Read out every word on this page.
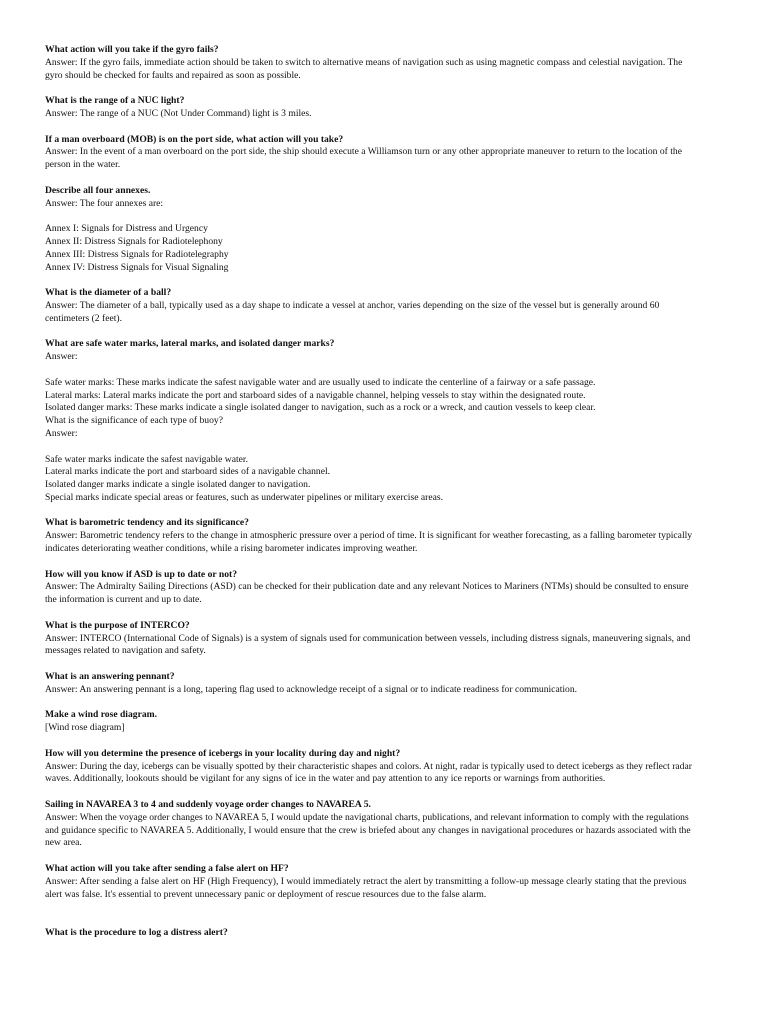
What action will you take if the gyro fails?
Answer: If the gyro fails, immediate action should be taken to switch to alternative means of navigation such as using magnetic compass and celestial navigation. The
gyro should be checked for faults and repaired as soon as possible.
What is the range of a NUC light?
Answer: The range of a NUC (Not Under Command) light is 3 miles.
If a man overboard (MOB) is on the port side, what action will you take?
Answer: In the event of a man overboard on the port side, the ship should execute a Williamson turn or any other appropriate maneuver to return to the location of the
person in the water.
Describe all four annexes.
Answer: The four annexes are:
Annex I: Signals for Distress and Urgency
Annex II: Distress Signals for Radiotelephony
Annex III: Distress Signals for Radiotelegraphy
Annex IV: Distress Signals for Visual Signaling
What is the diameter of a ball?
Answer: The diameter of a ball, typically used as a day shape to indicate a vessel at anchor, varies depending on the size of the vessel but is generally around 60
centimeters (2 feet).
What are safe water marks, lateral marks, and isolated danger marks?
Answer:
Safe water marks: These marks indicate the safest navigable water and are usually used to indicate the centerline of a fairway or a safe passage.
Lateral marks: Lateral marks indicate the port and starboard sides of a navigable channel, helping vessels to stay within the designated route.
Isolated danger marks: These marks indicate a single isolated danger to navigation, such as a rock or a wreck, and caution vessels to keep clear.
What is the significance of each type of buoy?
Answer:
Safe water marks indicate the safest navigable water.
Lateral marks indicate the port and starboard sides of a navigable channel.
Isolated danger marks indicate a single isolated danger to navigation.
Special marks indicate special areas or features, such as underwater pipelines or military exercise areas.
What is barometric tendency and its significance?
Answer: Barometric tendency refers to the change in atmospheric pressure over a period of time. It is significant for weather forecasting, as a falling barometer typically
indicates deteriorating weather conditions, while a rising barometer indicates improving weather.
How will you know if ASD is up to date or not?
Answer: The Admiralty Sailing Directions (ASD) can be checked for their publication date and any relevant Notices to Mariners (NTMs) should be consulted to ensure
the information is current and up to date.
What is the purpose of INTERCO?
Answer: INTERCO (International Code of Signals) is a system of signals used for communication between vessels, including distress signals, maneuvering signals, and
messages related to navigation and safety.
What is an answering pennant?
Answer: An answering pennant is a long, tapering flag used to acknowledge receipt of a signal or to indicate readiness for communication.
Make a wind rose diagram.
[Wind rose diagram]
How will you determine the presence of icebergs in your locality during day and night?
Answer: During the day, icebergs can be visually spotted by their characteristic shapes and colors. At night, radar is typically used to detect icebergs as they reflect radar
waves. Additionally, lookouts should be vigilant for any signs of ice in the water and pay attention to any ice reports or warnings from authorities.
Sailing in NAVAREA 3 to 4 and suddenly voyage order changes to NAVAREA 5.
Answer: When the voyage order changes to NAVAREA 5, I would update the navigational charts, publications, and relevant information to comply with the regulations
and guidance specific to NAVAREA 5. Additionally, I would ensure that the crew is briefed about any changes in navigational procedures or hazards associated with the
new area.
What action will you take after sending a false alert on HF?
Answer: After sending a false alert on HF (High Frequency), I would immediately retract the alert by transmitting a follow-up message clearly stating that the previous
alert was false. It's essential to prevent unnecessary panic or deployment of rescue resources due to the false alarm.
What is the procedure to log a distress alert?
